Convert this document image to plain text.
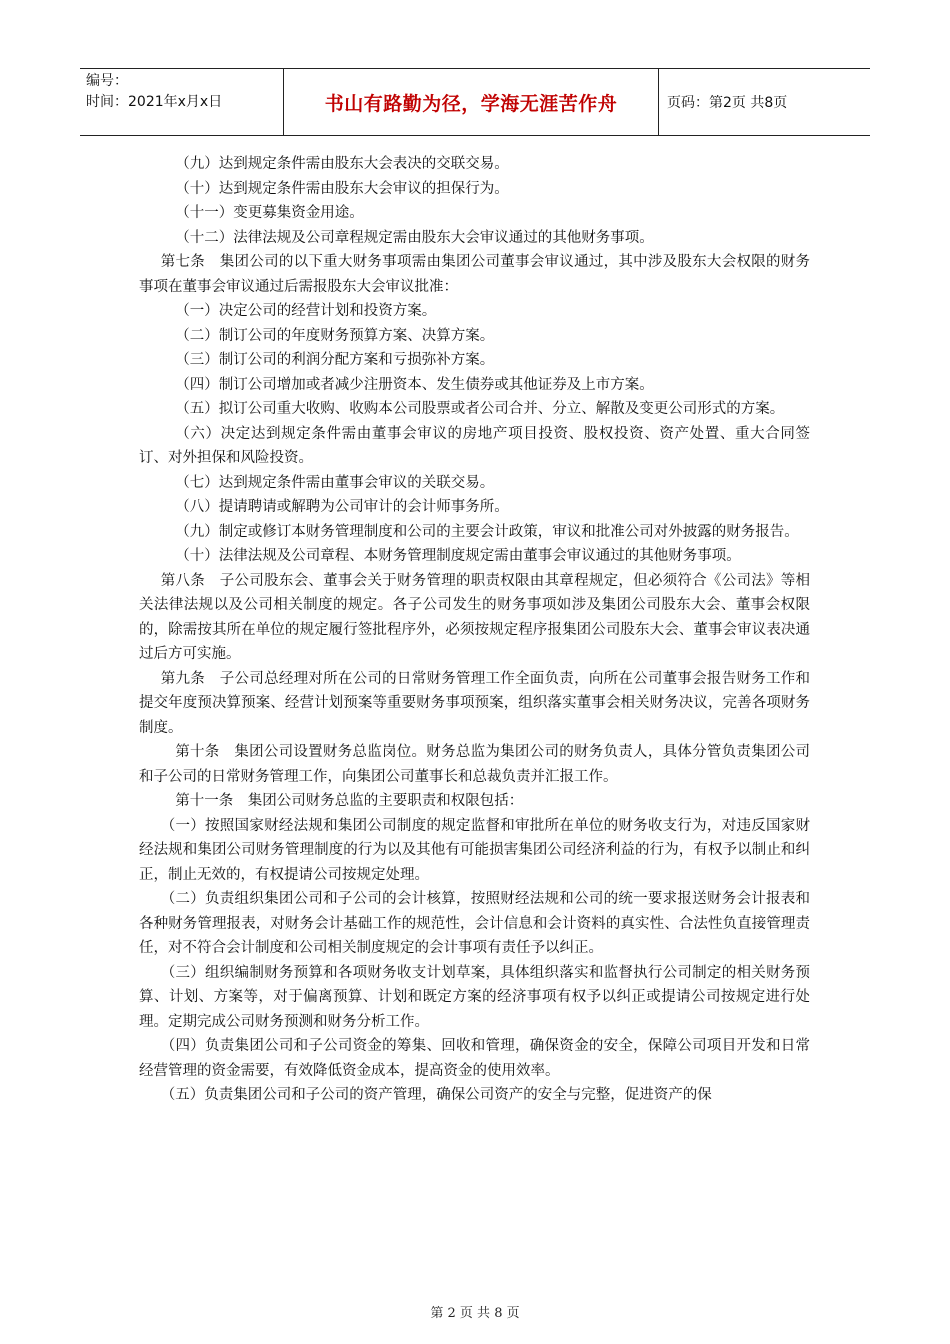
编号：
时间：2021年x月x日	书山有路勤为径，学海无涯苦作舟	页码：第2页 共8页

（九）达到规定条件需由股东大会表决的交联交易。

（十）达到规定条件需由股东大会审议的担保行为。

（十一）变更募集资金用途。

（十二）法律法规及公司章程规定需由股东大会审议通过的其他财务事项。

第七条　集团公司的以下重大财务事项需由集团公司董事会审议通过，其中涉及股东大会权限的财务事项在董事会审议通过后需报股东大会审议批准：

（一）决定公司的经营计划和投资方案。

（二）制订公司的年度财务预算方案、决算方案。

（三）制订公司的利润分配方案和亏损弥补方案。

（四）制订公司增加或者减少注册资本、发生债券或其他证券及上市方案。

（五）拟订公司重大收购、收购本公司股票或者公司合并、分立、解散及变更公司形式的方案。

（六）决定达到规定条件需由董事会审议的房地产项目投资、股权投资、资产处置、重大合同签订、对外担保和风险投资。

（七）达到规定条件需由董事会审议的关联交易。

（八）提请聘请或解聘为公司审计的会计师事务所。

（九）制定或修订本财务管理制度和公司的主要会计政策，审议和批准公司对外披露的财务报告。

（十）法律法规及公司章程、本财务管理制度规定需由董事会审议通过的其他财务事项。

第八条　子公司股东会、董事会关于财务管理的职责权限由其章程规定，但必须符合《公司法》等相关法律法规以及公司相关制度的规定。各子公司发生的财务事项如涉及集团公司股东大会、董事会权限的，除需按其所在单位的规定履行签批程序外，必须按规定程序报集团公司股东大会、董事会审议表决通过后方可实施。

第九条　子公司总经理对所在公司的日常财务管理工作全面负责，向所在公司董事会报告财务工作和提交年度预决算预案、经营计划预案等重要财务事项预案，组织落实董事会相关财务决议，完善各项财务制度。

第十条　集团公司设置财务总监岗位。财务总监为集团公司的财务负责人，具体分管负责集团公司和子公司的日常财务管理工作，向集团公司董事长和总裁负责并汇报工作。

第十一条　集团公司财务总监的主要职责和权限包括：

（一）按照国家财经法规和集团公司制度的规定监督和审批所在单位的财务收支行为，对违反国家财经法规和集团公司财务管理制度的行为以及其他有可能损害集团公司经济利益的行为，有权予以制止和纠正，制止无效的，有权提请公司按规定处理。

（二）负责组织集团公司和子公司的会计核算，按照财经法规和公司的统一要求报送财务会计报表和各种财务管理报表，对财务会计基础工作的规范性，会计信息和会计资料的真实性、合法性负直接管理责任，对不符合会计制度和公司相关制度规定的会计事项有责任予以纠正。

（三）组织编制财务预算和各项财务收支计划草案，具体组织落实和监督执行公司制定的相关财务预算、计划、方案等，对于偏离预算、计划和既定方案的经济事项有权予以纠正或提请公司按规定进行处理。定期完成公司财务预测和财务分析工作。

（四）负责集团公司和子公司资金的筹集、回收和管理，确保资金的安全，保障公司项目开发和日常经营管理的资金需要，有效降低资金成本，提高资金的使用效率。

（五）负责集团公司和子公司的资产管理，确保公司资产的安全与完整，促进资产的保

第 2 页 共 8 页
